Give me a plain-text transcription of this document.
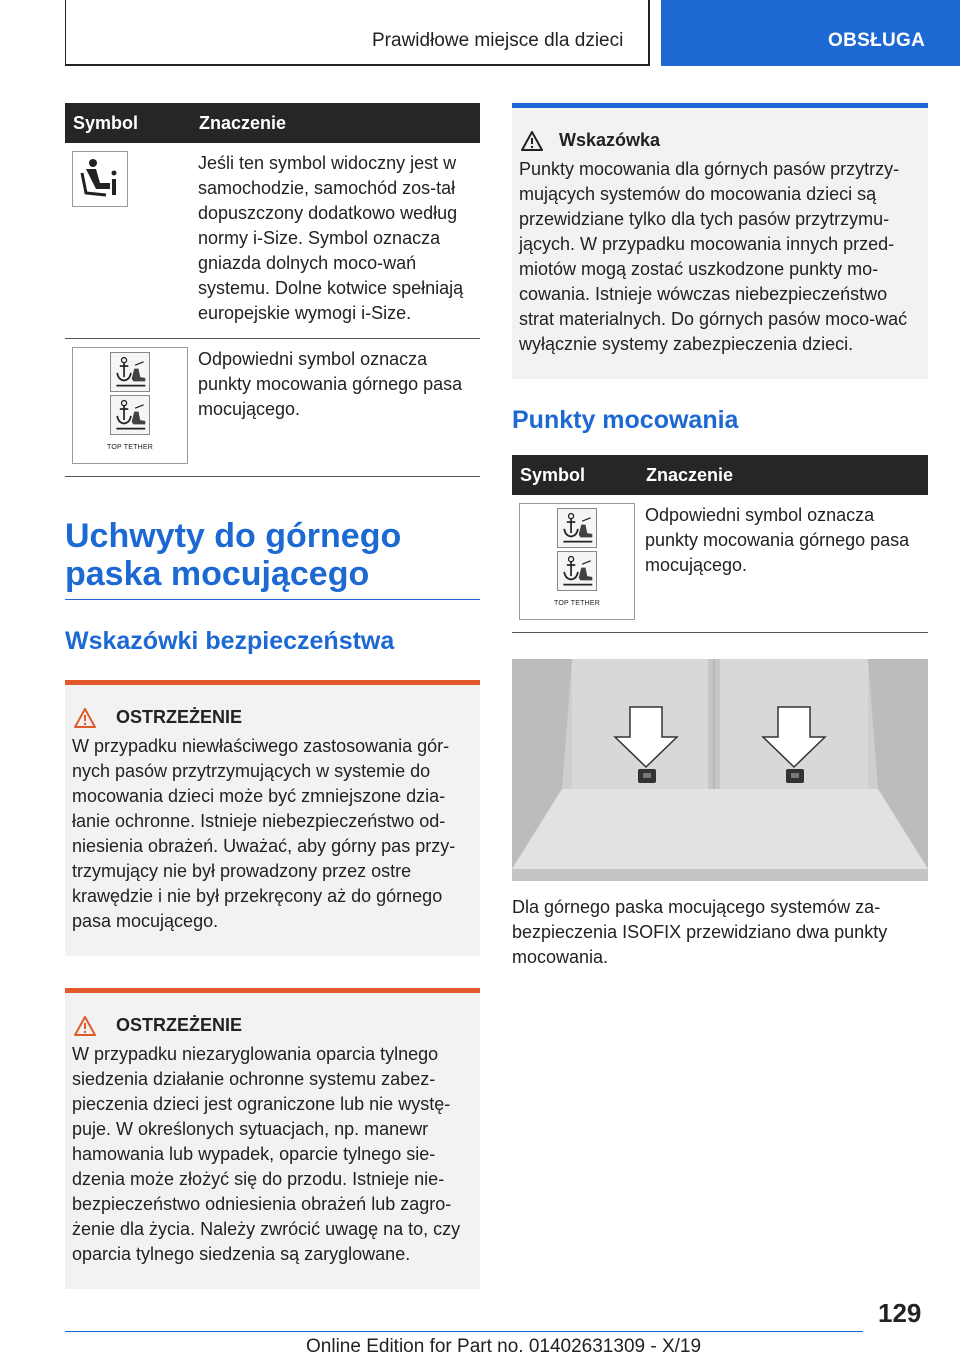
Prawidłowe miejsce dla dzieci	OBSŁUGA
Symbol	Znaczenie

	Jeśli ten symbol widoczny jest w samochodzie, samochód zos-tał dopuszczony dodatkowo według normy i-Size. Symbol oznacza gniazda dolnych moco-wań systemu. Dolne kotwice spełniają europejskie wymogi i-Size.

TOP TETHER	Odpowiedni symbol oznacza punkty mocowania górnego pasa mocującego.
Uchwyty do górnego paska mocującego
Wskazówki bezpieczeństwa
OSTRZEŻENIE
W przypadku niewłaściwego zastosowania gór-nych pasów przytrzymujących w systemie do mocowania dzieci może być zmniejszone dzia-łanie ochronne. Istnieje niebezpieczeństwo od-niesienia obrażeń. Uważać, aby górny pas przy-trzymujący nie był prowadzony przez ostre krawędzie i nie był przekręcony aż do górnego pasa mocującego.
OSTRZEŻENIE
W przypadku niezaryglowania oparcia tylnego siedzenia działanie ochronne systemu zabez-pieczenia dzieci jest ograniczone lub nie wystę-puje. W określonych sytuacjach, np. manewr hamowania lub wypadek, oparcie tylnego sie-dzenia może złożyć się do przodu. Istnieje nie-bezpieczeństwo odniesienia obrażeń lub zagro-żenie dla życia. Należy zwrócić uwagę na to, czy oparcia tylnego siedzenia są zaryglowane.
Wskazówka
Punkty mocowania dla górnych pasów przytrzy-mujących systemów do mocowania dzieci są przewidziane tylko dla tych pasów przytrzymu-jących. W przypadku mocowania innych przed-miotów mogą zostać uszkodzone punkty mo-cowania. Istnieje wówczas niebezpieczeństwo strat materialnych. Do górnych pasów moco-wać wyłącznie systemy zabezpieczenia dzieci.
Punkty mocowania
Symbol	Znaczenie

TOP TETHER	Odpowiedni symbol oznacza punkty mocowania górnego pasa mocującego.
Dla górnego paska mocującego systemów za-bezpieczenia ISOFIX przewidziano dwa punkty mocowania.
129
Online Edition for Part no. 01402631309 - X/19
